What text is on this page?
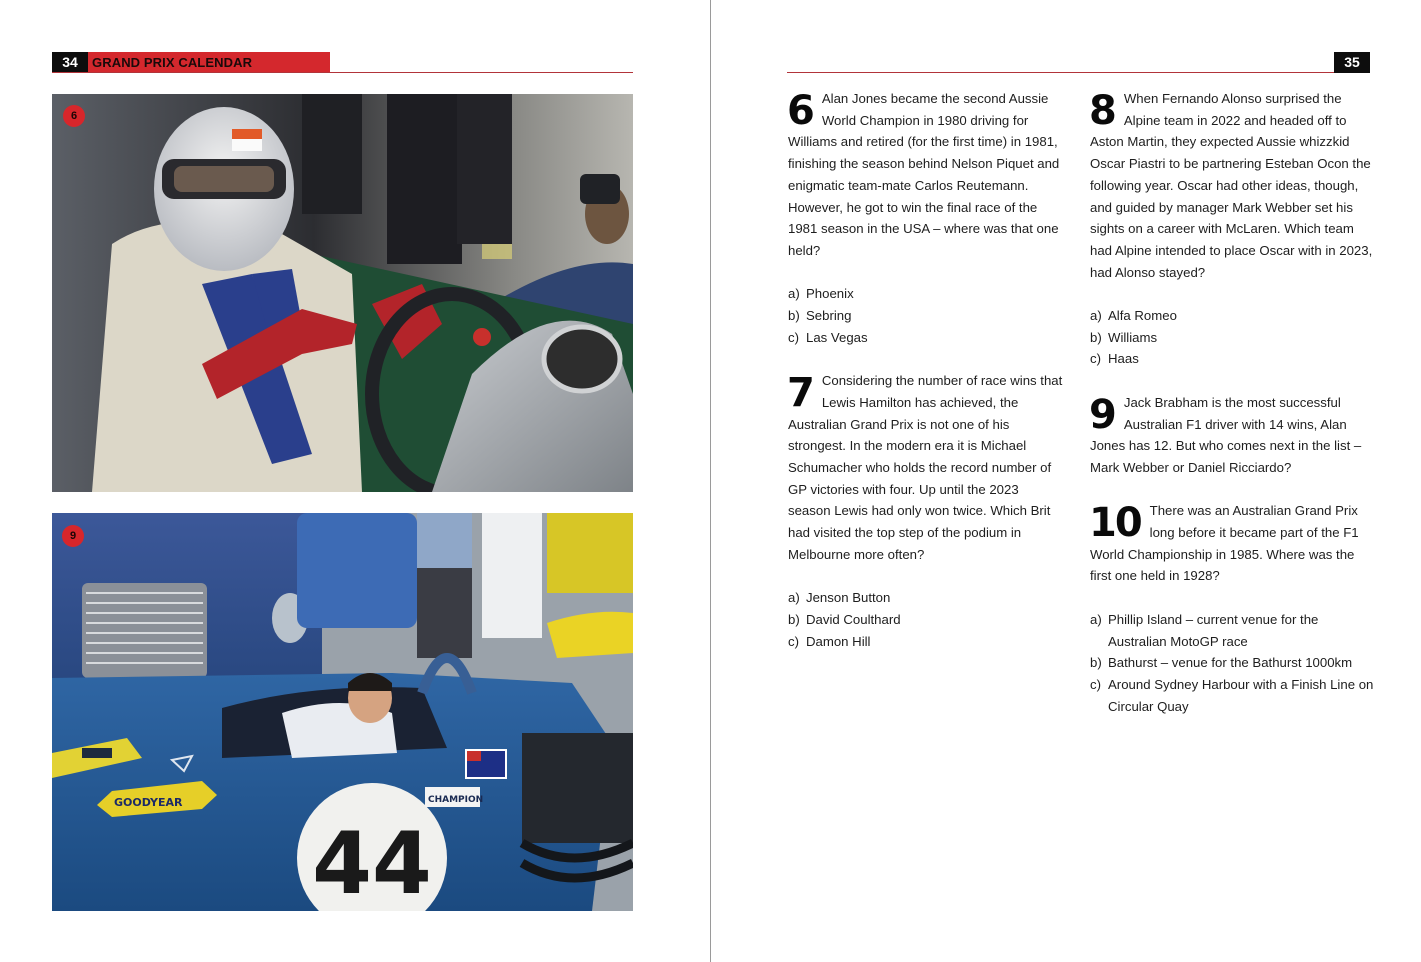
34	GRAND PRIX CALENDAR
6
44
GOODYEAR	CHAMPION
9
35
6 Alan Jones became the second Aussie World Champion in 1980 driving for Williams and retired (for the first time) in 1981, finishing the season behind Nelson Piquet and enigmatic team-mate Carlos Reutemann. However, he got to win the final race of the 1981 season in the USA – where was that one held?
a) Phoenix
b) Sebring
c) Las Vegas
7 Considering the number of race wins that Lewis Hamilton has achieved, the Australian Grand Prix is not one of his strongest. In the modern era it is Michael Schumacher who holds the record number of GP victories with four. Up until the 2023 season Lewis had only won twice. Which Brit had visited the top step of the podium in Melbourne more often?
a) Jenson Button
b) David Coulthard
c) Damon Hill
8 When Fernando Alonso surprised the Alpine team in 2022 and headed off to Aston Martin, they expected Aussie whizzkid Oscar Piastri to be partnering Esteban Ocon the following year. Oscar had other ideas, though, and guided by manager Mark Webber set his sights on a career with McLaren. Which team had Alpine intended to place Oscar with in 2023, had Alonso stayed?
a) Alfa Romeo
b) Williams
c) Haas
9 Jack Brabham is the most successful Australian F1 driver with 14 wins, Alan Jones has 12. But who comes next in the list – Mark Webber or Daniel Ricciardo?
10 There was an Australian Grand Prix long before it became part of the F1 World Championship in 1985. Where was the first one held in 1928?
a) Phillip Island – current venue for the Australian MotoGP race
b) Bathurst – venue for the Bathurst 1000km
c) Around Sydney Harbour with a Finish Line on Circular Quay
